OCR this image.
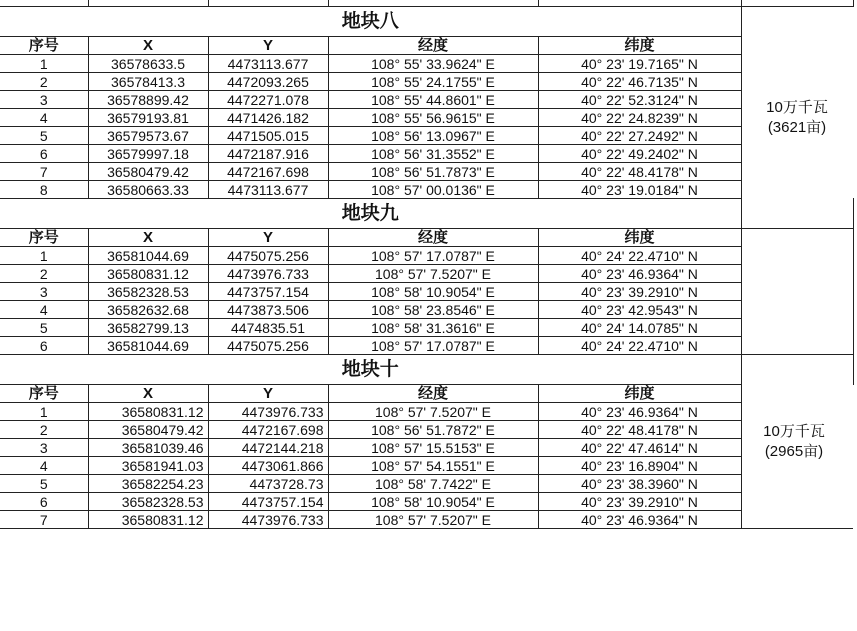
地块八					10万千瓦
(3621亩)	

序号	X	Y	经度	纬度		
1	36578633.5	4473113.677	108° 55' 33.9624" E	40° 23' 19.7165" N		
2	36578413.3	4472093.265	108° 55' 24.1755" E	40° 22' 46.7135" N		
3	36578899.42	4472271.078	108° 55' 44.8601" E	40° 22' 52.3124" N		
4	36579193.81	4471426.182	108° 55' 56.9615" E	40° 22' 24.8239" N		
5	36579573.67	4471505.015	108° 56' 13.0967" E	40° 22' 27.2492" N		
6	36579997.18	4472187.916	108° 56' 31.3552" E	40° 22' 49.2402" N		
7	36580479.42	4472167.698	108° 56' 51.7873" E	40° 22' 48.4178" N		
8	36580663.33	4473113.677	108° 57' 00.0136" E	40° 23' 19.0184" N		
地块九	

序号	X	Y	经度	纬度		
1	36581044.69	4475075.256	108° 57' 17.0787" E	40° 24' 22.4710" N		
2	36580831.12	4473976.733	108° 57' 7.5207" E	40° 23' 46.9364" N		
3	36582328.53	4473757.154	108° 58' 10.9054" E	40° 23' 39.2910" N		
4	36582632.68	4473873.506	108° 58' 23.8546" E	40° 23' 42.9543" N		
5	36582799.13	4474835.51	108° 58' 31.3616" E	40° 24' 14.0785" N		
6	36581044.69	4475075.256	108° 57' 17.0787" E	40° 24' 22.4710" N		
地块十					10万千瓦
(2965亩)	

序号	X	Y	经度	纬度		
1	36580831.12	4473976.733	108° 57' 7.5207" E	40° 23' 46.9364" N		
2	36580479.42	4472167.698	108° 56' 51.7872" E	40° 22' 48.4178" N		
3	36581039.46	4472144.218	108° 57' 15.5153" E	40° 22' 47.4614" N		
4	36581941.03	4473061.866	108° 57' 54.1551" E	40° 23' 16.8904" N		
5	36582254.23	4473728.73	108° 58' 7.7422" E	40° 23' 38.3960" N		
6	36582328.53	4473757.154	108° 58' 10.9054" E	40° 23' 39.2910" N		
7	36580831.12	4473976.733	108° 57' 7.5207" E	40° 23' 46.9364" N		
